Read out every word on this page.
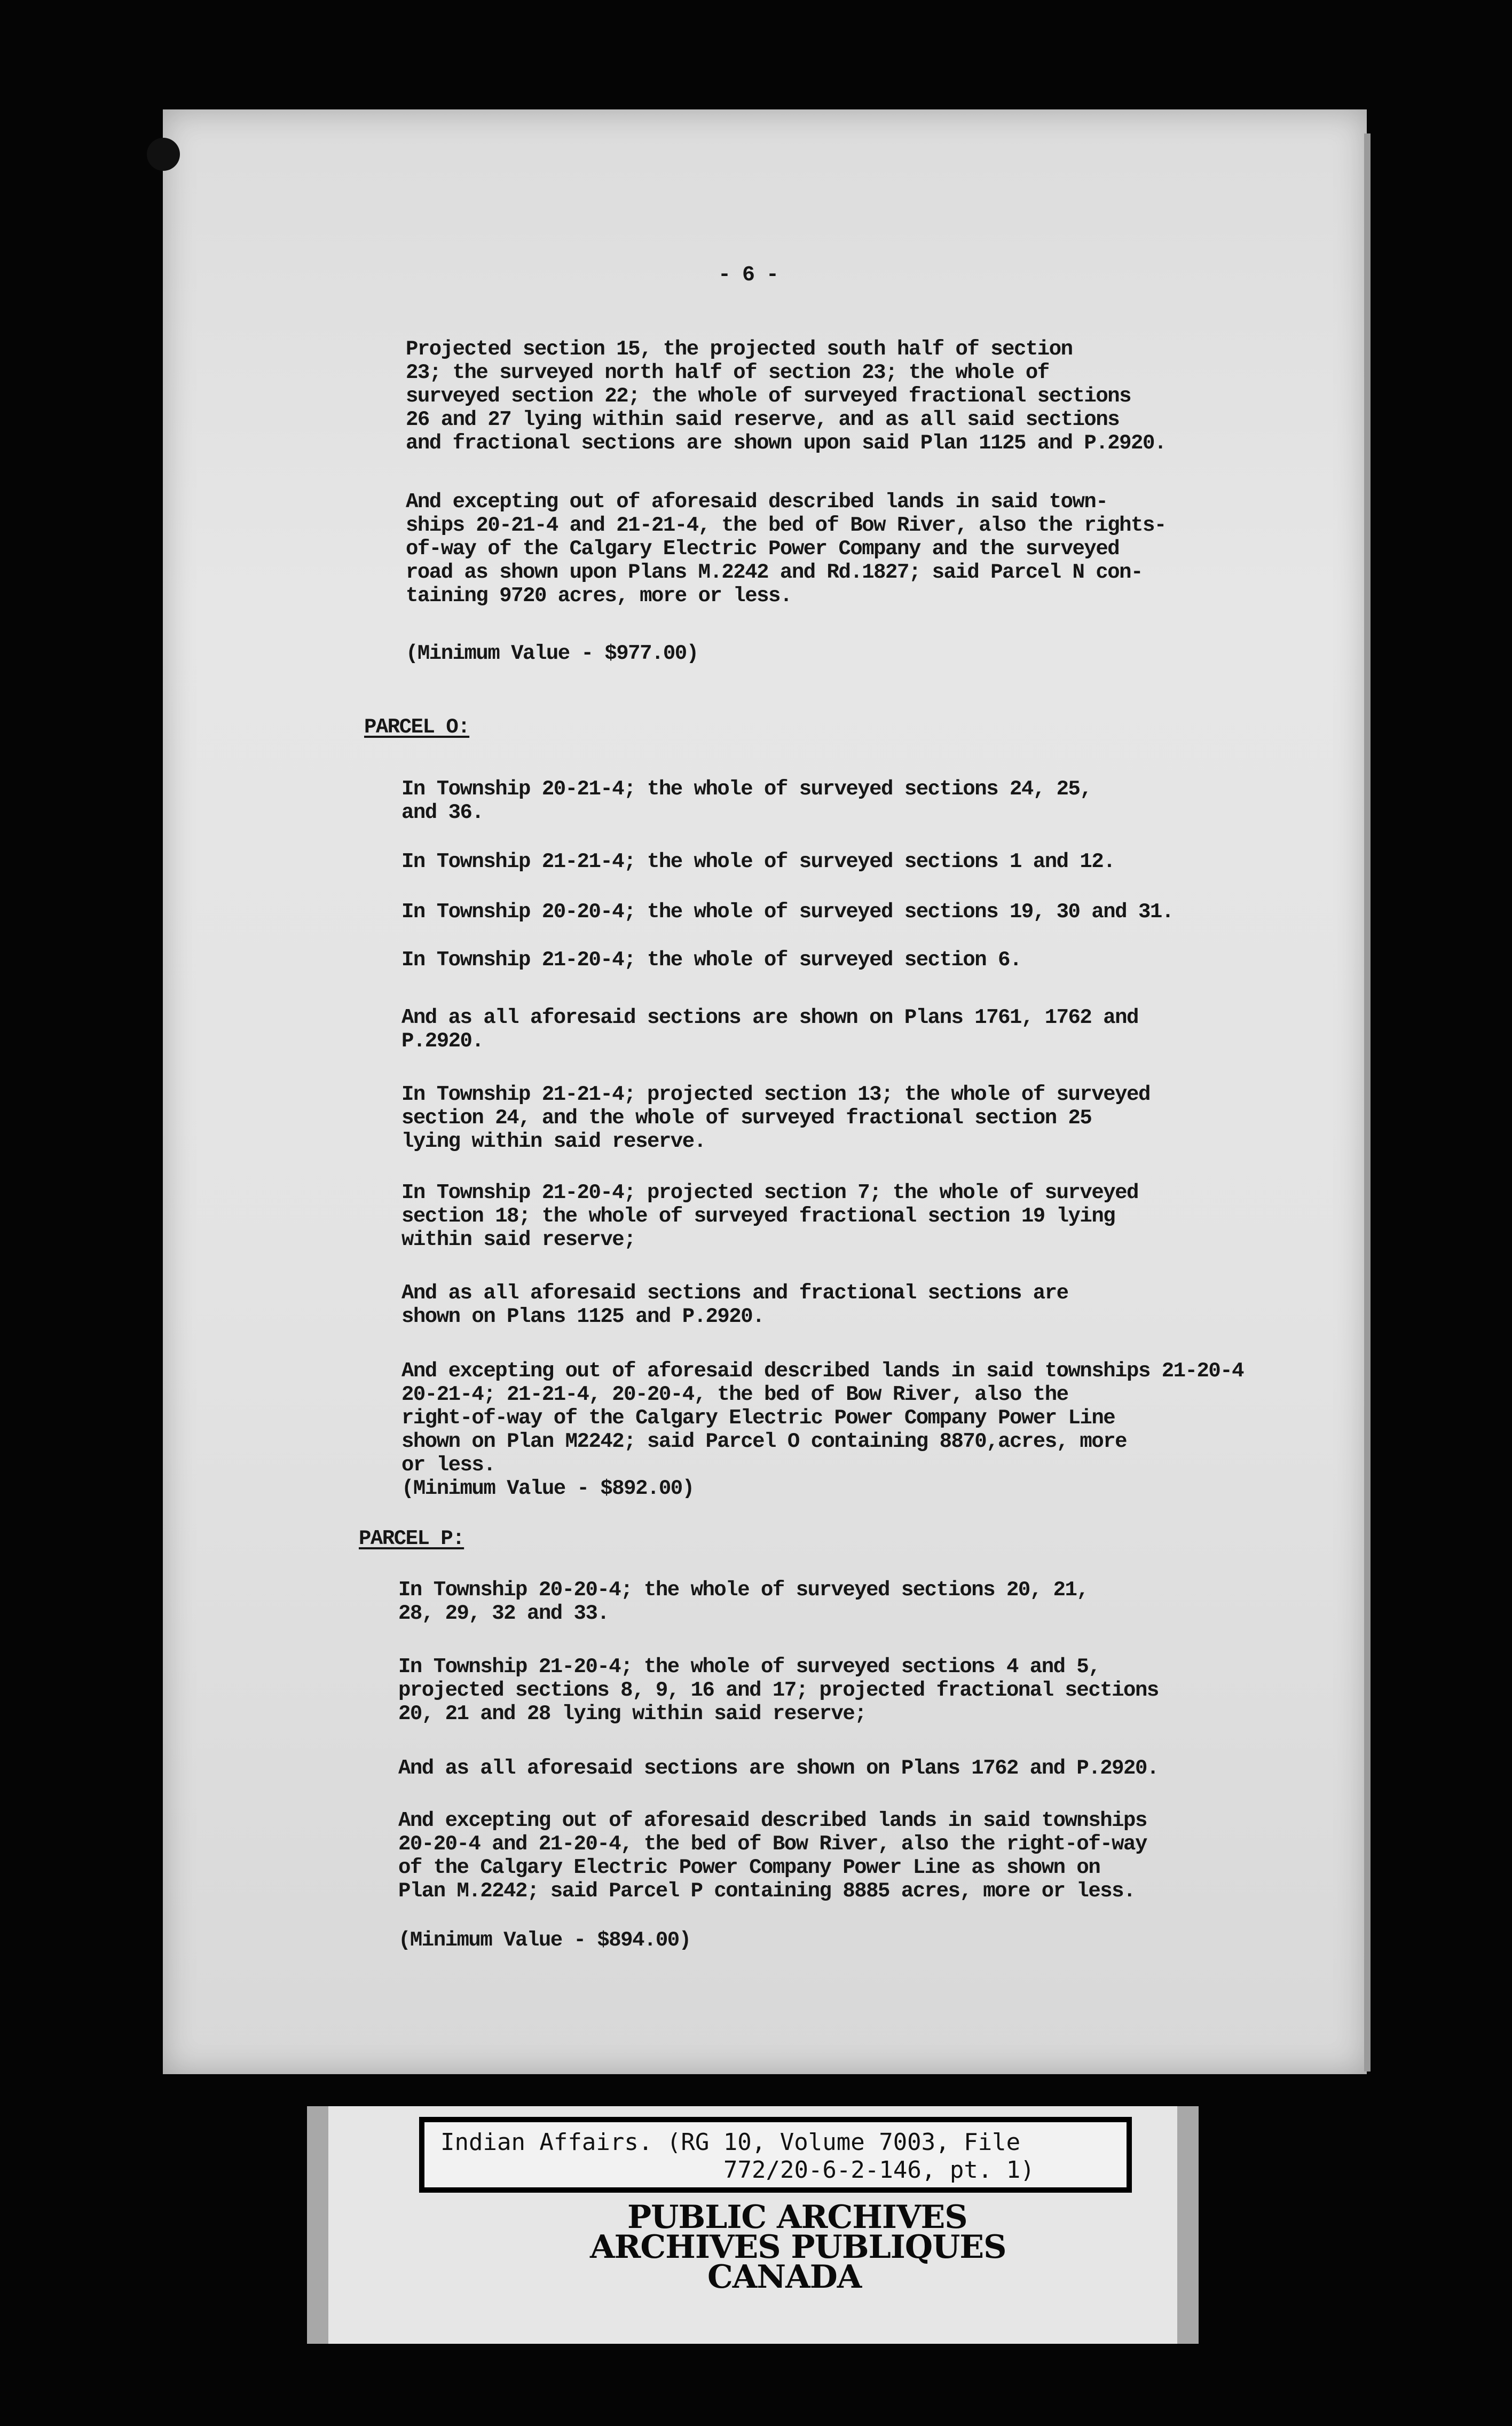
- 6 -
Projected section 15, the projected south half of section
23; the surveyed north half of section 23; the whole of
surveyed section 22; the whole of surveyed fractional sections
26 and 27 lying within said reserve, and as all said sections
and fractional sections are shown upon said Plan 1125 and P.2920.
And excepting out of aforesaid described lands in said town-
ships 20-21-4 and 21-21-4, the bed of Bow River, also the rights-
of-way of the Calgary Electric Power Company and the surveyed
road as shown upon Plans M.2242 and Rd.1827; said Parcel N con-
taining 9720 acres, more or less.
(Minimum Value - $977.00)
PARCEL O:
In Township 20-21-4; the whole of surveyed sections 24, 25,
and 36.
In Township 21-21-4; the whole of surveyed sections 1 and 12.
In Township 20-20-4; the whole of surveyed sections 19, 30 and 31.
In Township 21-20-4; the whole of surveyed section 6.
And as all aforesaid sections are shown on Plans 1761, 1762 and
P.2920.
In Township 21-21-4; projected section 13; the whole of surveyed
section 24, and the whole of surveyed fractional section 25
lying within said reserve.
In Township 21-20-4; projected section 7; the whole of surveyed
section 18; the whole of surveyed fractional section 19 lying
within said reserve;
And as all aforesaid sections and fractional sections are
shown on Plans 1125 and P.2920.
And excepting out of aforesaid described lands in said townships 21-20-4
20-21-4; 21-21-4, 20-20-4, the bed of Bow River, also the
right-of-way of the Calgary Electric Power Company Power Line
shown on Plan M2242; said Parcel O containing 8870,acres, more
or less.
(Minimum Value - $892.00)
PARCEL P:
In Township 20-20-4; the whole of surveyed sections 20, 21,
28, 29, 32 and 33.
In Township 21-20-4; the whole of surveyed sections 4 and 5,
projected sections 8, 9, 16 and 17; projected fractional sections
20, 21 and 28 lying within said reserve;
And as all aforesaid sections are shown on Plans 1762 and P.2920.
And excepting out of aforesaid described lands in said townships
20-20-4 and 21-20-4, the bed of Bow River, also the right-of-way
of the Calgary Electric Power Company Power Line as shown on
Plan M.2242; said Parcel P containing 8885 acres, more or less.
(Minimum Value - $894.00)
Indian Affairs. (RG 10, Volume 7003, File
772/20-6-2-146, pt. 1)
PUBLIC ARCHIVES
ARCHIVES PUBLIQUES
CANADA
